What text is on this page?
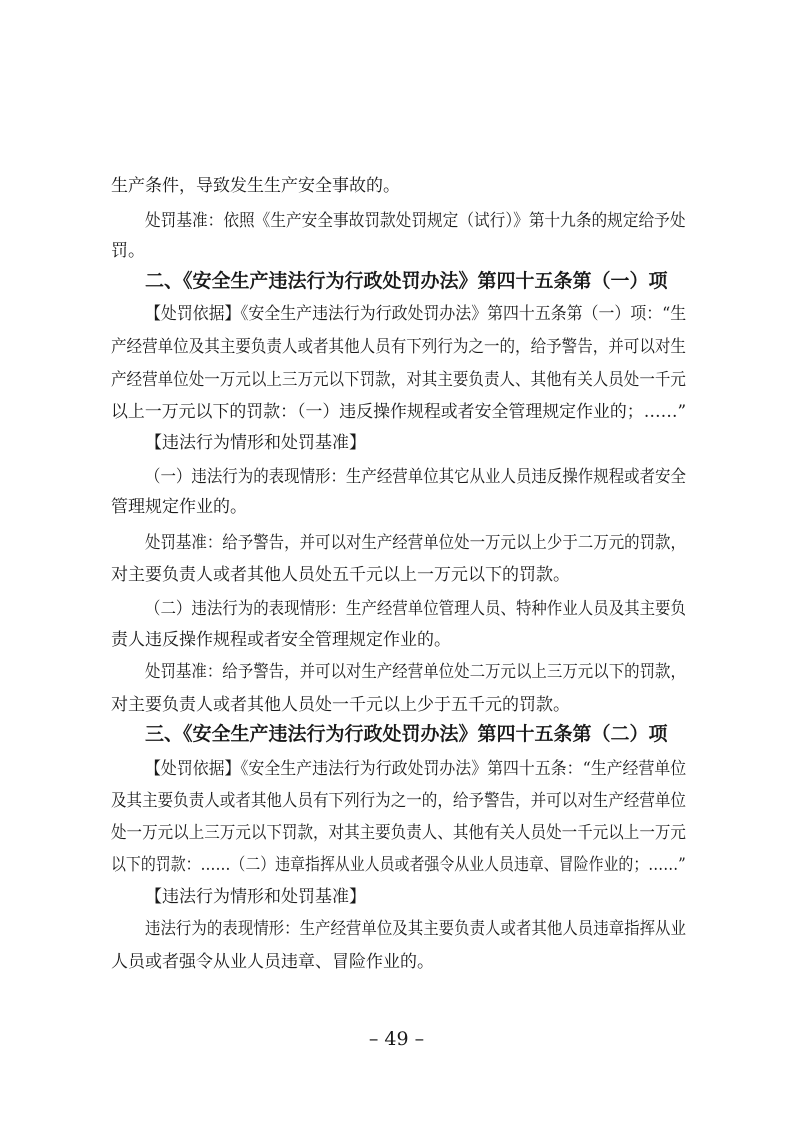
生产条件，导致发生生产安全事故的。
处罚基准：依照《生产安全事故罚款处罚规定（试行）》第十九条的规定给予处
罚。
二、《安全生产违法行为行政处罚办法》第四十五条第（一）项
【处罚依据】《安全生产违法行为行政处罚办法》第四十五条第（一）项：“生
产经营单位及其主要负责人或者其他人员有下列行为之一的，给予警告，并可以对生
产经营单位处一万元以上三万元以下罚款，对其主要负责人、其他有关人员处一千元
以上一万元以下的罚款：（一）违反操作规程或者安全管理规定作业的；……”
【违法行为情形和处罚基准】
（一）违法行为的表现情形：生产经营单位其它从业人员违反操作规程或者安全
管理规定作业的。
处罚基准：给予警告，并可以对生产经营单位处一万元以上少于二万元的罚款，
对主要负责人或者其他人员处五千元以上一万元以下的罚款。
（二）违法行为的表现情形：生产经营单位管理人员、特种作业人员及其主要负
责人违反操作规程或者安全管理规定作业的。
处罚基准：给予警告，并可以对生产经营单位处二万元以上三万元以下的罚款，
对主要负责人或者其他人员处一千元以上少于五千元的罚款。
三、《安全生产违法行为行政处罚办法》第四十五条第（二）项
【处罚依据】《安全生产违法行为行政处罚办法》第四十五条：“生产经营单位
及其主要负责人或者其他人员有下列行为之一的，给予警告，并可以对生产经营单位
处一万元以上三万元以下罚款，对其主要负责人、其他有关人员处一千元以上一万元
以下的罚款：……（二）违章指挥从业人员或者强令从业人员违章、冒险作业的；……”
【违法行为情形和处罚基准】
违法行为的表现情形：生产经营单位及其主要负责人或者其他人员违章指挥从业
人员或者强令从业人员违章、冒险作业的。
– 49 –
